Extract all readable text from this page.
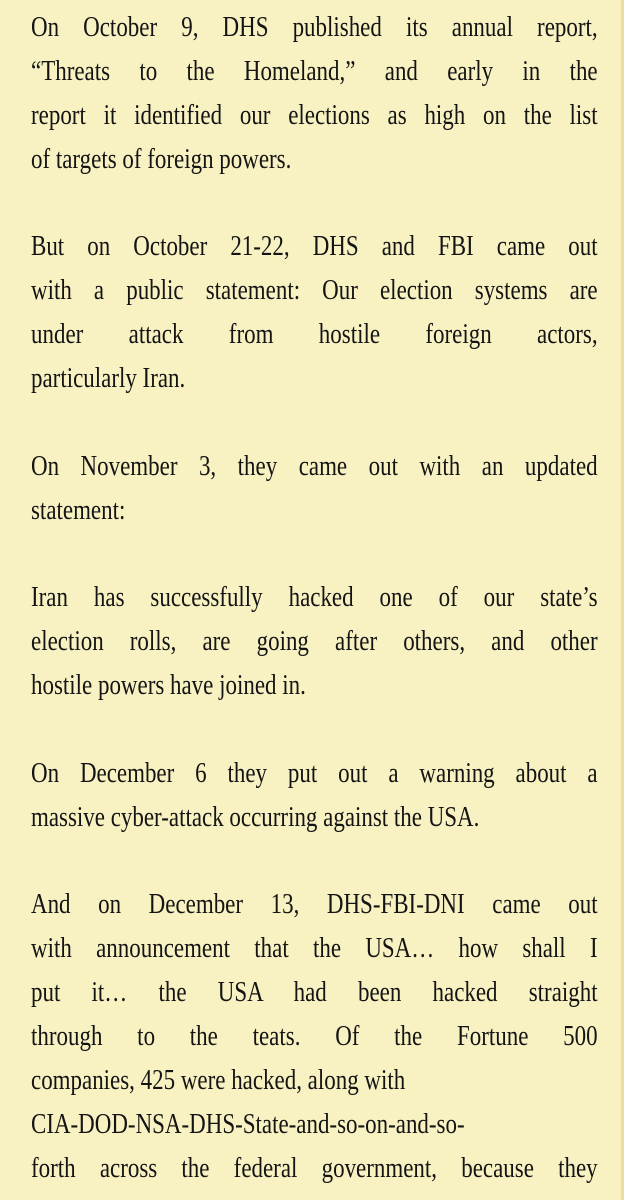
On October 9, DHS published its annual report,
“Threats to the Homeland,” and early in the
report it identified our elections as high on the list
of targets of foreign powers.
But on October 21-22, DHS and FBI came out
with a public statement: Our election systems are
under attack from hostile foreign actors,
particularly Iran.
On November 3, they came out with an updated
statement:
Iran has successfully hacked one of our state’s
election rolls, are going after others, and other
hostile powers have joined in.
On December 6 they put out a warning about a
massive cyber-attack occurring against the USA.
And on December 13, DHS-FBI-DNI came out
with announcement that the USA… how shall I
put it… the USA had been hacked straight
through to the teats. Of the Fortune 500
companies, 425 were hacked, along with
CIA-DOD-NSA-DHS-State-and-so-on-and-so-
forth across the federal government, because they
